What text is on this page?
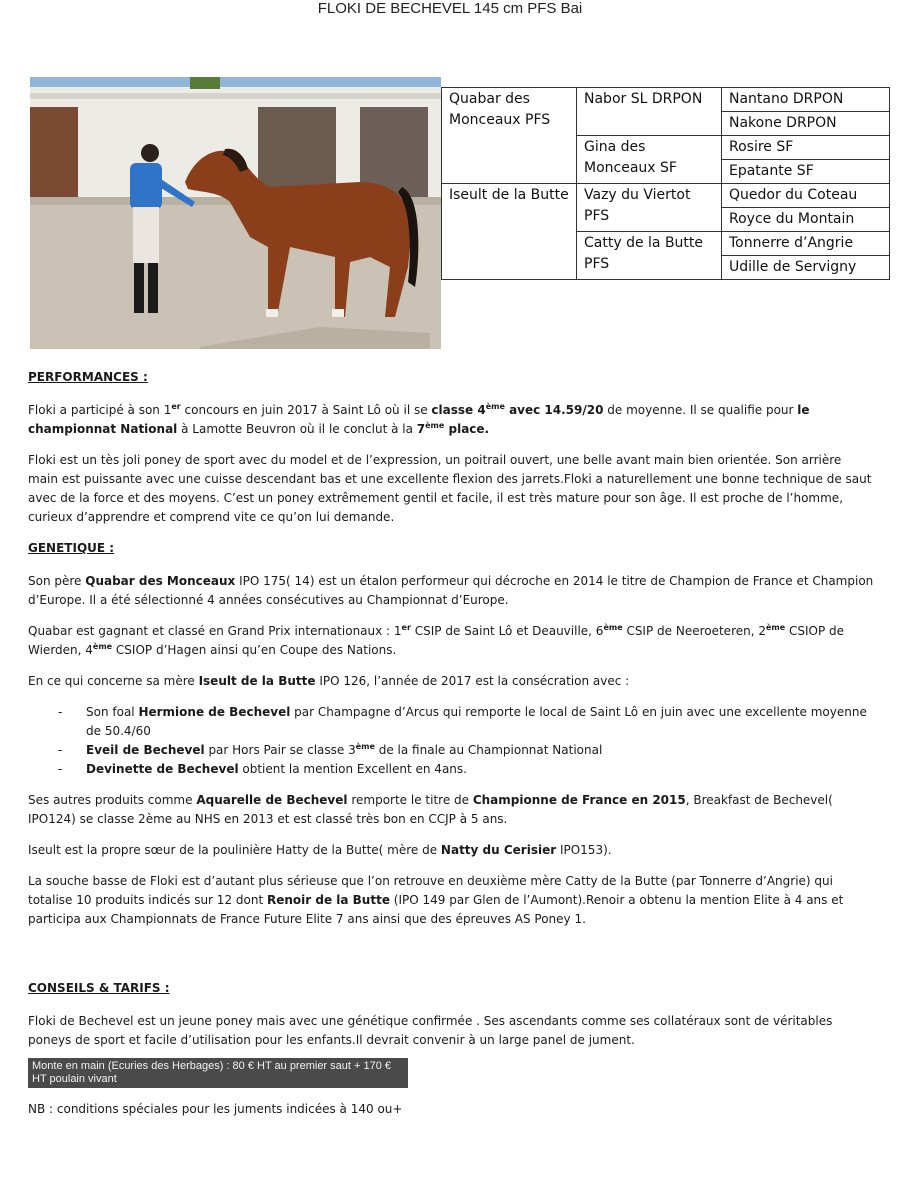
FLOKI DE BECHEVEL 145 cm PFS Bai
Quabar des Monceaux PFS	Nabor SL DRPON	Nantano DRPON
		Nakone DRPON
	Gina des Monceaux SF	Rosire SF
		Epatante SF
Iseult de la Butte	Vazy du Viertot PFS	Quedor du Coteau
		Royce du Montain
	Catty de la Butte PFS	Tonnerre d’Angrie
		Udille de Servigny
PERFORMANCES :

Floki a participé à son 1er concours en juin 2017 à Saint Lô où il se classe 4ème avec 14.59/20 de moyenne. Il se qualifie pour le championnat National à Lamotte Beuvron où il le conclut à la 7ème place.

Floki est un tès joli poney de sport avec du model et de l’expression, un poitrail ouvert, une belle avant main bien orientée. Son arrière main est puissante avec une cuisse descendant bas et une excellente flexion des jarrets.Floki a naturellement une bonne technique de saut avec de la force et des moyens. C’est un poney extrêmement gentil et facile, il est très mature pour son âge. Il est proche de l’homme, curieux d’apprendre et comprend vite ce qu’on lui demande.

GENETIQUE :

Son père Quabar des Monceaux IPO 175( 14) est un étalon performeur qui décroche en 2014 le titre de Champion de France et Champion d’Europe. Il a été sélectionné 4 années consécutives au Championnat d’Europe.

Quabar est gagnant et classé en Grand Prix internationaux : 1er CSIP de Saint Lô et Deauville, 6ème CSIP de Neeroeteren, 2ème CSIOP de Wierden, 4ème CSIOP d’Hagen ainsi qu’en Coupe des Nations.

En ce qui concerne sa mère Iseult de la Butte IPO 126, l’année de 2017 est la consécration avec :

- Son foal Hermione de Bechevel par Champagne d’Arcus qui remporte le local de Saint Lô en juin avec une excellente moyenne de 50.4/60
- Eveil de Bechevel par Hors Pair se classe 3ème de la finale au Championnat National
- Devinette de Bechevel obtient la mention Excellent en 4ans.

Ses autres produits comme Aquarelle de Bechevel remporte le titre de Championne de France en 2015, Breakfast de Bechevel( IPO124) se classe 2ème au NHS en 2013 et est classé très bon en CCJP à 5 ans.

Iseult est la propre sœur de la poulinière Hatty de la Butte( mère de Natty du Cerisier IPO153).

La souche basse de Floki est d’autant plus sérieuse que l’on retrouve en deuxième mère Catty de la Butte (par Tonnerre d’Angrie) qui totalise 10 produits indicés sur 12 dont Renoir de la Butte (IPO 149 par Glen de l’Aumont).Renoir a obtenu la mention Elite à 4 ans et participa aux Championnats de France Future Elite 7 ans ainsi que des épreuves AS Poney 1.

CONSEILS & TARIFS :

Floki de Bechevel est un jeune poney mais avec une génétique confirmée . Ses ascendants comme ses collatéraux sont de véritables poneys de sport et facile d’utilisation pour les enfants.Il devrait convenir à un large panel de jument.

Monte en main (Ecuries des Herbages) : 80 € HT au premier saut + 170 € HT poulain vivant

NB : conditions spéciales pour les juments indicées à 140 ou+
